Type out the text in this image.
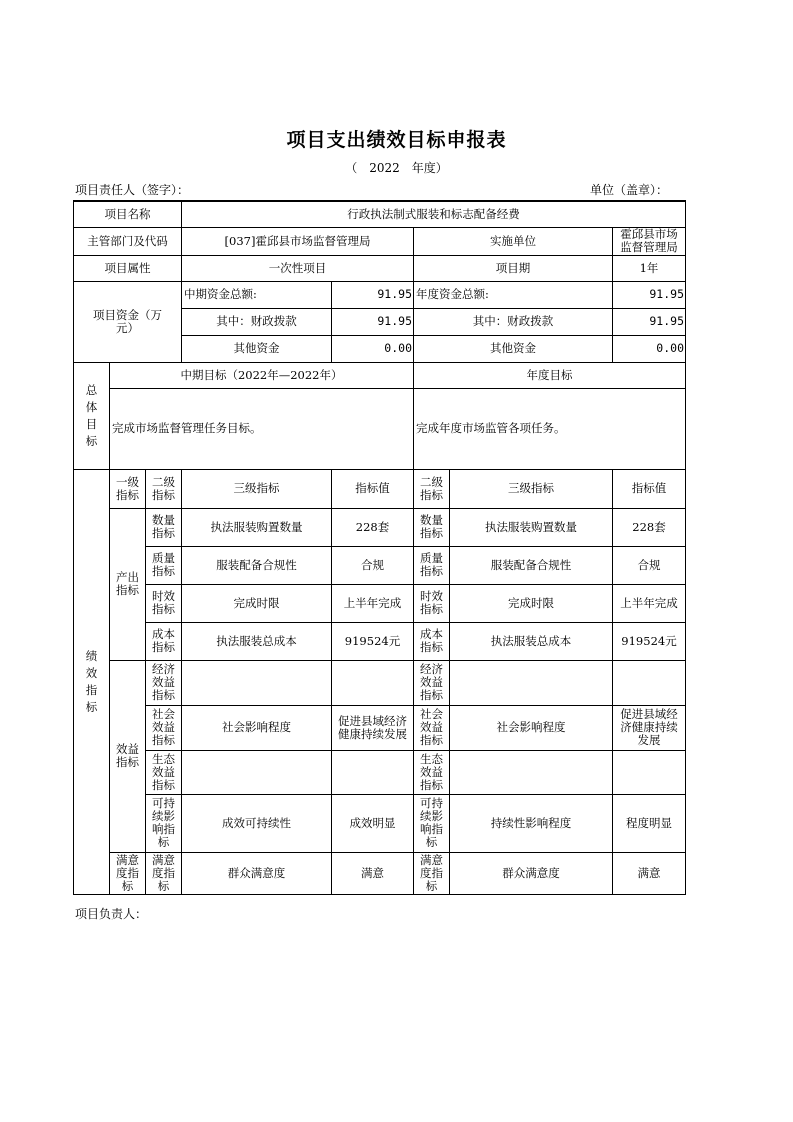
项目支出绩效目标申报表
（　2022　年度）
项目责任人（签字）：	单位（盖章）：
项目名称			行政执法制式服装和标志配备经费				
主管部门及代码			[037]霍邱县市场监督管理局		实施单位		霍邱县市场监督管理局
项目属性			一次性项目		项目期		1年
项目资金（万元）			中期资金总额:	91.95	年度资金总额:		91.95
			其中：财政拨款	91.95	其中：财政拨款		91.95
			其他资金	0.00	其他资金		0.00
总体目标	中期目标（2022年—2022年）				年度目标		
	完成市场监督管理任务目标。				完成年度市场监管各项任务。		
绩效指标	一级指标	二级指标	三级指标	指标值	二级指标	三级指标	指标值
	产出指标	数量指标	执法服装购置数量	228套	数量指标	执法服装购置数量	228套
		质量指标	服装配备合规性	合规	质量指标	服装配备合规性	合规
		时效指标	完成时限	上半年完成	时效指标	完成时限	上半年完成
		成本指标	执法服装总成本	919524元	成本指标	执法服装总成本	919524元
	效益指标	经济效益指标			经济效益指标		
		社会效益指标	社会影响程度	促进县域经济健康持续发展	社会效益指标	社会影响程度	促进县域经济健康持续发展
		生态效益指标			生态效益指标		
		可持续影响指标	成效可持续性	成效明显	可持续影响指标	持续性影响程度	程度明显
	满意度指标	满意度指标	群众满意度	满意	满意度指标	群众满意度	满意
项目负责人：
